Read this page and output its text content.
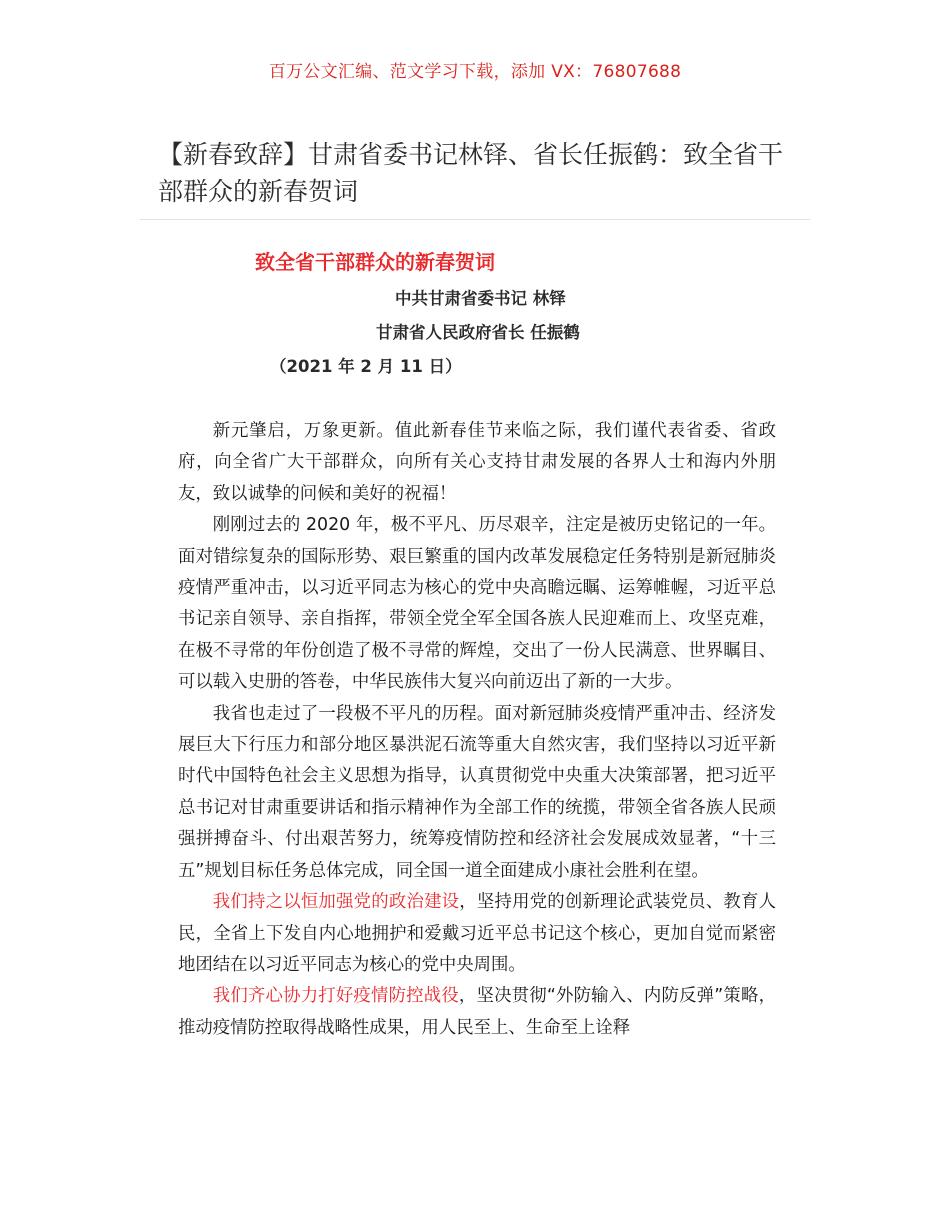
百万公文汇编、范文学习下载，添加 VX：76807688
【新春致辞】甘肃省委书记林铎、省长任振鹤：致全省干部群众的新春贺词
致全省干部群众的新春贺词
中共甘肃省委书记 林铎
甘肃省人民政府省长 任振鹤
（2021 年 2 月 11 日）

新元肇启，万象更新。值此新春佳节来临之际，我们谨代表省委、省政府，向全省广大干部群众，向所有关心支持甘肃发展的各界人士和海内外朋友，致以诚挚的问候和美好的祝福！

刚刚过去的 2020 年，极不平凡、历尽艰辛，注定是被历史铭记的一年。面对错综复杂的国际形势、艰巨繁重的国内改革发展稳定任务特别是新冠肺炎疫情严重冲击，以习近平同志为核心的党中央高瞻远瞩、运筹帷幄，习近平总书记亲自领导、亲自指挥，带领全党全军全国各族人民迎难而上、攻坚克难，在极不寻常的年份创造了极不寻常的辉煌，交出了一份人民满意、世界瞩目、可以载入史册的答卷，中华民族伟大复兴向前迈出了新的一大步。

我省也走过了一段极不平凡的历程。面对新冠肺炎疫情严重冲击、经济发展巨大下行压力和部分地区暴洪泥石流等重大自然灾害，我们坚持以习近平新时代中国特色社会主义思想为指导，认真贯彻党中央重大决策部署，把习近平总书记对甘肃重要讲话和指示精神作为全部工作的统揽，带领全省各族人民顽强拼搏奋斗、付出艰苦努力，统筹疫情防控和经济社会发展成效显著，“十三五”规划目标任务总体完成，同全国一道全面建成小康社会胜利在望。

我们持之以恒加强党的政治建设，坚持用党的创新理论武装党员、教育人民，全省上下发自内心地拥护和爱戴习近平总书记这个核心，更加自觉而紧密地团结在以习近平同志为核心的党中央周围。

我们齐心协力打好疫情防控战役，坚决贯彻“外防输入、内防反弹”策略，推动疫情防控取得战略性成果，用人民至上、生命至上诠释
